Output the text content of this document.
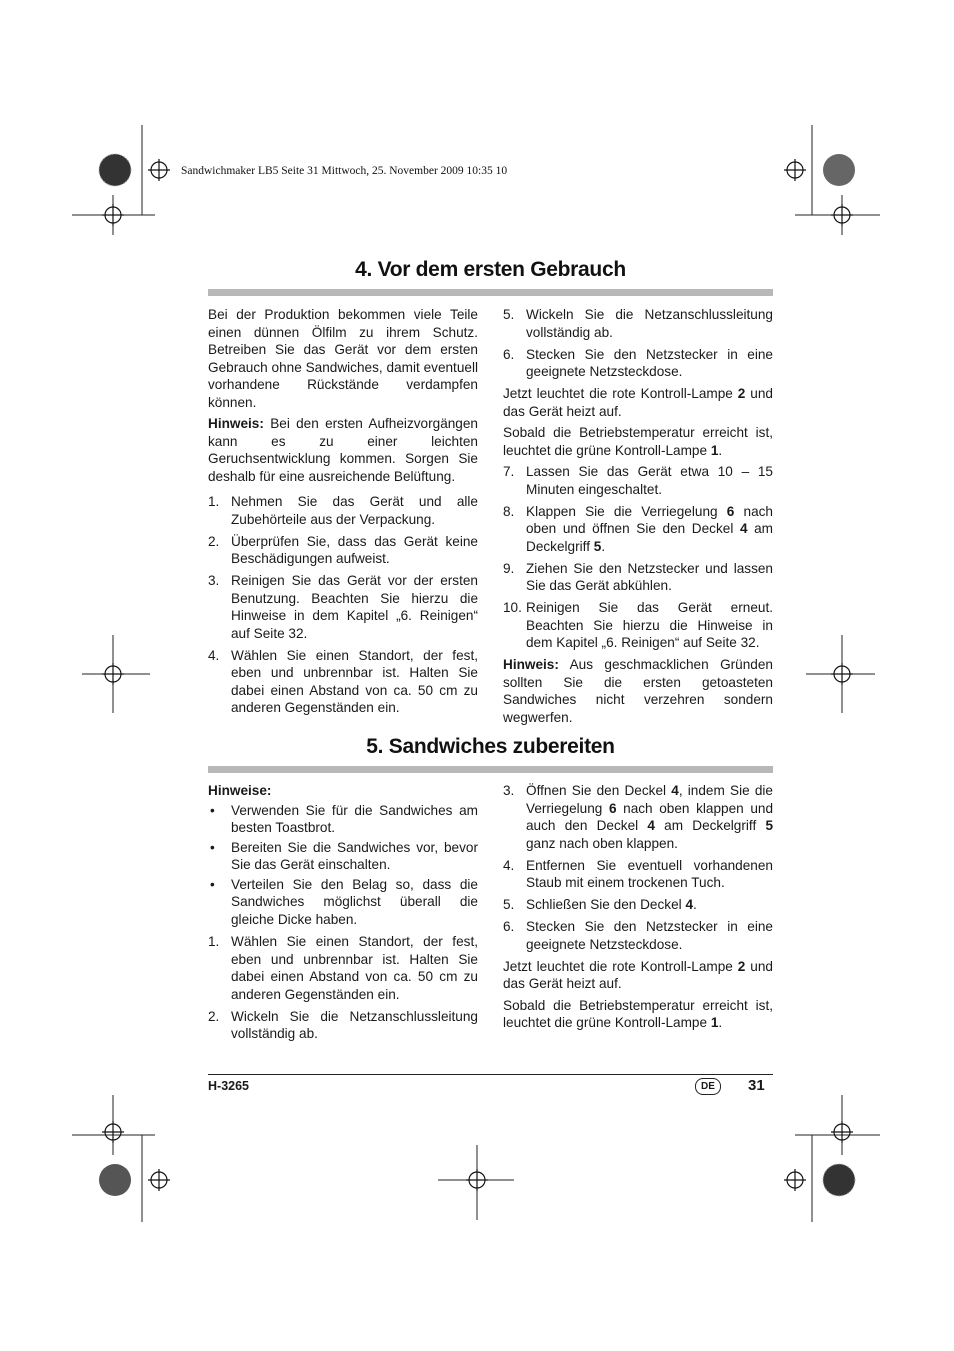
Sandwichmaker LB5 Seite 31 Mittwoch, 25. November 2009 10:35 10
4. Vor dem ersten Gebrauch

Bei der Produktion bekommen viele Teile einen dünnen Ölfilm zu ihrem Schutz. Betreiben Sie das Gerät vor dem ersten Gebrauch ohne Sandwiches, damit eventuell vorhandene Rückstände verdampfen können.

Hinweis: Bei den ersten Aufheizvorgängen kann es zu einer leichten Geruchsentwicklung kommen. Sorgen Sie deshalb für eine ausreichende Belüftung.

1. Nehmen Sie das Gerät und alle Zubehörteile aus der Verpackung.
2. Überprüfen Sie, dass das Gerät keine Beschädigungen aufweist.
3. Reinigen Sie das Gerät vor der ersten Benutzung. Beachten Sie hierzu die Hinweise in dem Kapitel „6. Reinigen“ auf Seite 32.
4. Wählen Sie einen Standort, der fest, eben und unbrennbar ist. Halten Sie dabei einen Abstand von ca. 50 cm zu anderen Gegenständen ein.
5. Wickeln Sie die Netzanschlussleitung vollständig ab.
6. Stecken Sie den Netzstecker in eine geeignete Netzsteckdose.

Jetzt leuchtet die rote Kontroll-Lampe 2 und das Gerät heizt auf.

Sobald die Betriebstemperatur erreicht ist, leuchtet die grüne Kontroll-Lampe 1.

7. Lassen Sie das Gerät etwa 10 – 15 Minuten eingeschaltet.
8. Klappen Sie die Verriegelung 6 nach oben und öffnen Sie den Deckel 4 am Deckelgriff 5.
9. Ziehen Sie den Netzstecker und lassen Sie das Gerät abkühlen.
10. Reinigen Sie das Gerät erneut. Beachten Sie hierzu die Hinweise in dem Kapitel „6. Reinigen“ auf Seite 32.

Hinweis: Aus geschmacklichen Gründen sollten Sie die ersten getoasteten Sandwiches nicht verzehren sondern wegwerfen.

5. Sandwiches zubereiten

Hinweise:

•	Verwenden Sie für die Sandwiches am besten Toastbrot.
•	Bereiten Sie die Sandwiches vor, bevor Sie das Gerät einschalten.
•	Verteilen Sie den Belag so, dass die Sandwiches möglichst überall die gleiche Dicke haben.
1. Wählen Sie einen Standort, der fest, eben und unbrennbar ist. Halten Sie dabei einen Abstand von ca. 50 cm zu anderen Gegenständen ein.
2. Wickeln Sie die Netzanschlussleitung vollständig ab.
3. Öffnen Sie den Deckel 4, indem Sie die Verriegelung 6 nach oben klappen und auch den Deckel 4 am Deckelgriff 5 ganz nach oben klappen.
4. Entfernen Sie eventuell vorhandenen Staub mit einem trockenen Tuch.
5. Schließen Sie den Deckel 4.
6. Stecken Sie den Netzstecker in eine geeignete Netzsteckdose.

Jetzt leuchtet die rote Kontroll-Lampe 2 und das Gerät heizt auf.

Sobald die Betriebstemperatur erreicht ist, leuchtet die grüne Kontroll-Lampe 1.

H-3265	DE	31
